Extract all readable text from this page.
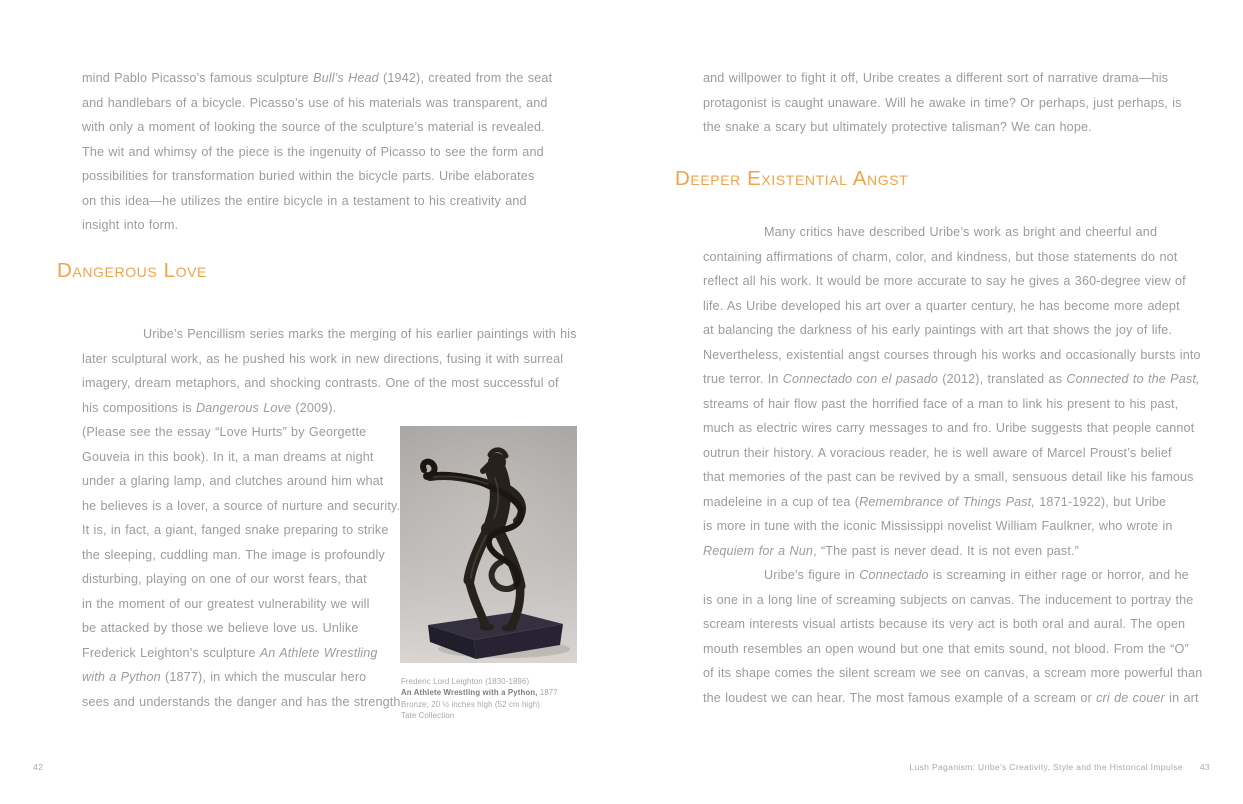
mind Pablo Picasso’s famous sculpture Bull’s Head (1942), created from the seat
and handlebars of a bicycle. Picasso’s use of his materials was transparent, and
with only a moment of looking the source of the sculpture’s material is revealed.
The wit and whimsy of the piece is the ingenuity of Picasso to see the form and
possibilities for transformation buried within the bicycle parts. Uribe elaborates
on this idea—he utilizes the entire bicycle in a testament to his creativity and
insight into form.
Dangerous Love
Uribe’s Pencillism series marks the merging of his earlier paintings with his
later sculptural work, as he pushed his work in new directions, fusing it with surreal
imagery, dream metaphors, and shocking contrasts. One of the most successful of
his compositions is Dangerous Love (2009).
(Please see the essay “Love Hurts” by Georgette
Gouveia in this book). In it, a man dreams at night
under a glaring lamp, and clutches around him what
he believes is a lover, a source of nurture and security.
It is, in fact, a giant, fanged snake preparing to strike
the sleeping, cuddling man. The image is profoundly
disturbing, playing on one of our worst fears, that
in the moment of our greatest vulnerability we will
be attacked by those we believe love us. Unlike
Frederick Leighton’s sculpture An Athlete Wrestling
with a Python (1877), in which the muscular hero
sees and understands the danger and has the strength
Frederic Lord Leighton (1830-1896)
An Athlete Wrestling with a Python, 1877
Bronze; 20 ½ inches high (52 cm high)
Tate Collection
42
and willpower to fight it off, Uribe creates a different sort of narrative drama—his
protagonist is caught unaware. Will he awake in time? Or perhaps, just perhaps, is
the snake a scary but ultimately protective talisman? We can hope.
Deeper Existential Angst
Many critics have described Uribe’s work as bright and cheerful and
containing affirmations of charm, color, and kindness, but those statements do not
reflect all his work. It would be more accurate to say he gives a 360-degree view of
life. As Uribe developed his art over a quarter century, he has become more adept
at balancing the darkness of his early paintings with art that shows the joy of life.
Nevertheless, existential angst courses through his works and occasionally bursts into
true terror. In Connectado con el pasado (2012), translated as Connected to the Past,
streams of hair flow past the horrified face of a man to link his present to his past,
much as electric wires carry messages to and fro. Uribe suggests that people cannot
outrun their history. A voracious reader, he is well aware of Marcel Proust’s belief
that memories of the past can be revived by a small, sensuous detail like his famous
madeleine in a cup of tea (Remembrance of Things Past, 1871-1922), but Uribe
is more in tune with the iconic Mississippi novelist William Faulkner, who wrote in
Requiem for a Nun, “The past is never dead. It is not even past.”
Uribe’s figure in Connectado is screaming in either rage or horror, and he
is one in a long line of screaming subjects on canvas. The inducement to portray the
scream interests visual artists because its very act is both oral and aural. The open
mouth resembles an open wound but one that emits sound, not blood. From the “O”
of its shape comes the silent scream we see on canvas, a scream more powerful than
the loudest we can hear. The most famous example of a scream or cri de couer in art
Lush Paganism: Uribe’s Creativity, Style and the Historical Impulse 43
